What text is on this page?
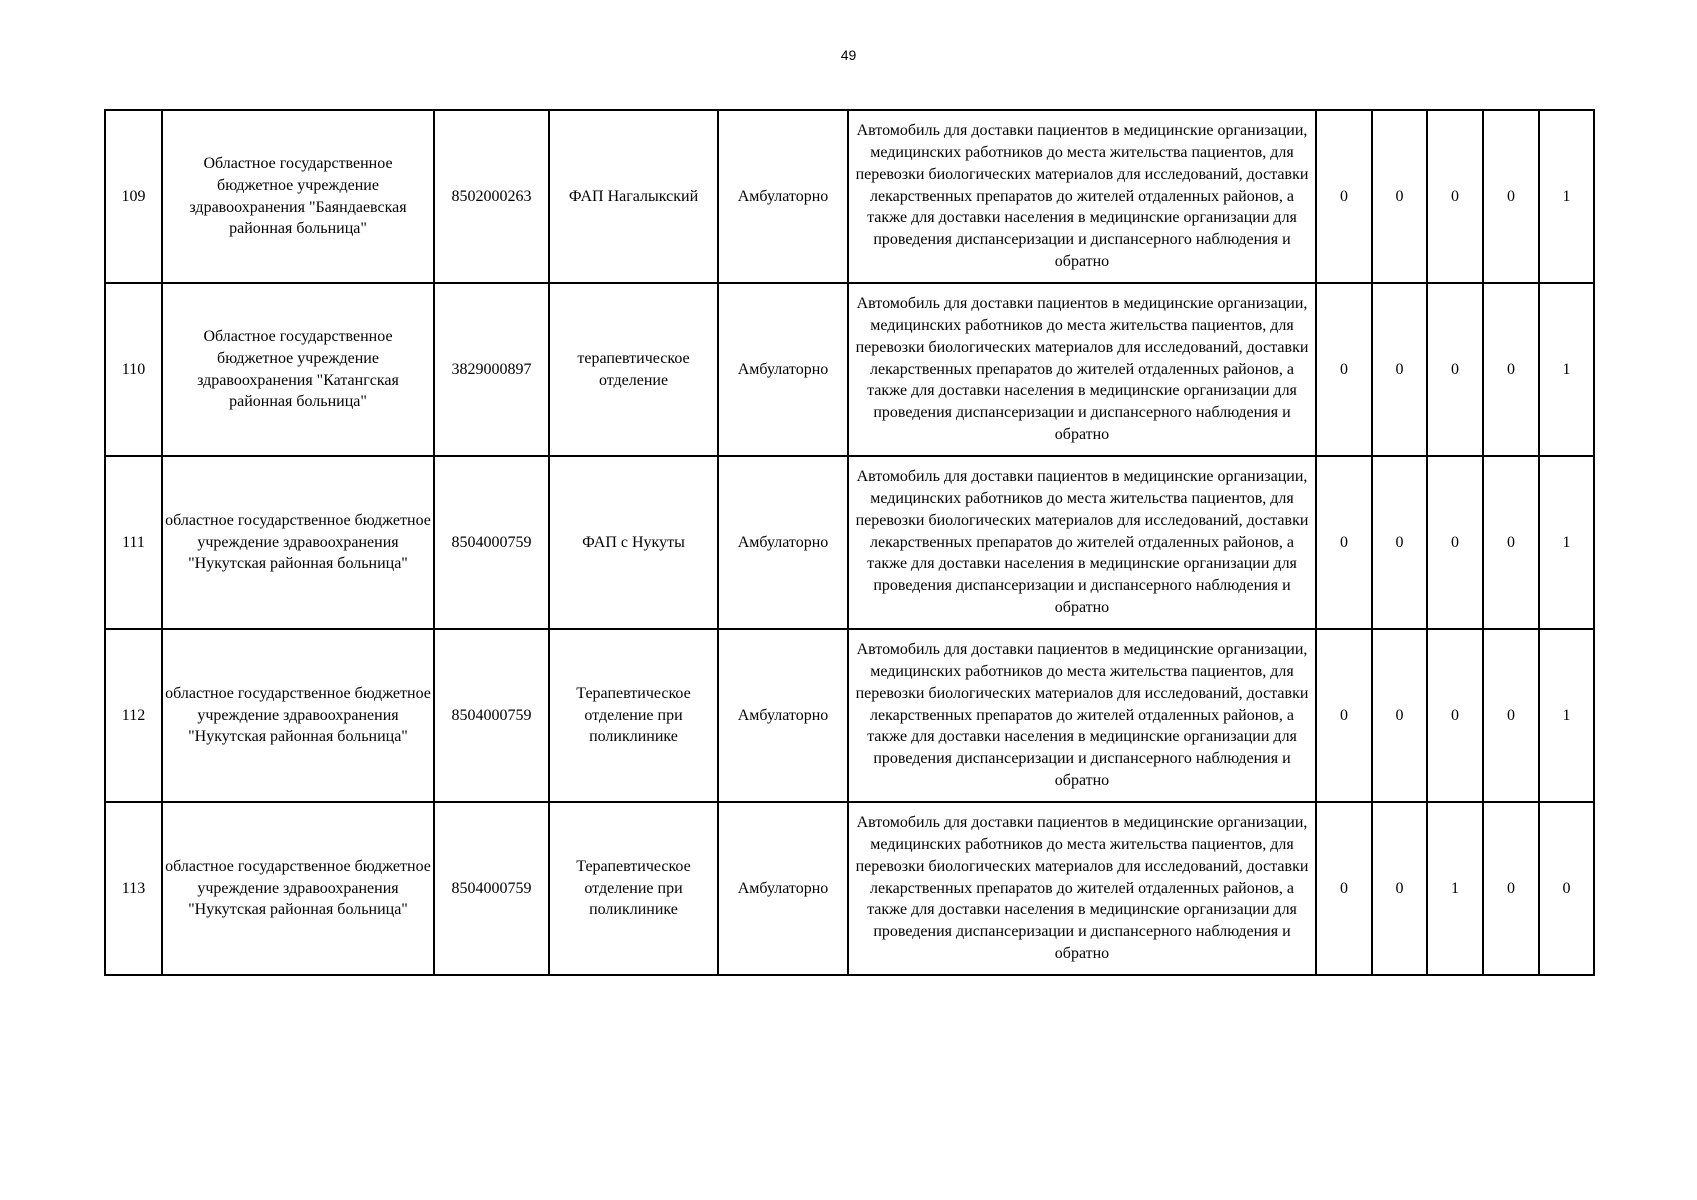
49
109	Областное государственное бюджетное учреждение здравоохранения "Баяндаевская районная больница"	8502000263	ФАП Нагалыкский	Амбулаторно	Автомобиль для доставки пациентов в медицинские организации, медицинских работников до места жительства пациентов, для перевозки биологических материалов для исследований, доставки лекарственных препаратов до жителей отдаленных районов, а также для доставки населения в медицинские организации для проведения диспансеризации и диспансерного наблюдения и обратно	0	0	0	0	1
110	Областное государственное бюджетное учреждение здравоохранения "Катангская районная больница"	3829000897	терапевтическое отделение	Амбулаторно	Автомобиль для доставки пациентов в медицинские организации, медицинских работников до места жительства пациентов, для перевозки биологических материалов для исследований, доставки лекарственных препаратов до жителей отдаленных районов, а также для доставки населения в медицинские организации для проведения диспансеризации и диспансерного наблюдения и обратно	0	0	0	0	1
111	областное государственное бюджетное учреждение здравоохранения "Нукутская районная больница"	8504000759	ФАП с Нукуты	Амбулаторно	Автомобиль для доставки пациентов в медицинские организации, медицинских работников до места жительства пациентов, для перевозки биологических материалов для исследований, доставки лекарственных препаратов до жителей отдаленных районов, а также для доставки населения в медицинские организации для проведения диспансеризации и диспансерного наблюдения и обратно	0	0	0	0	1
112	областное государственное бюджетное учреждение здравоохранения "Нукутская районная больница"	8504000759	Терапевтическое отделение при поликлинике	Амбулаторно	Автомобиль для доставки пациентов в медицинские организации, медицинских работников до места жительства пациентов, для перевозки биологических материалов для исследований, доставки лекарственных препаратов до жителей отдаленных районов, а также для доставки населения в медицинские организации для проведения диспансеризации и диспансерного наблюдения и обратно	0	0	0	0	1
113	областное государственное бюджетное учреждение здравоохранения "Нукутская районная больница"	8504000759	Терапевтическое отделение при поликлинике	Амбулаторно	Автомобиль для доставки пациентов в медицинские организации, медицинских работников до места жительства пациентов, для перевозки биологических материалов для исследований, доставки лекарственных препаратов до жителей отдаленных районов, а также для доставки населения в медицинские организации для проведения диспансеризации и диспансерного наблюдения и обратно	0	0	1	0	0
